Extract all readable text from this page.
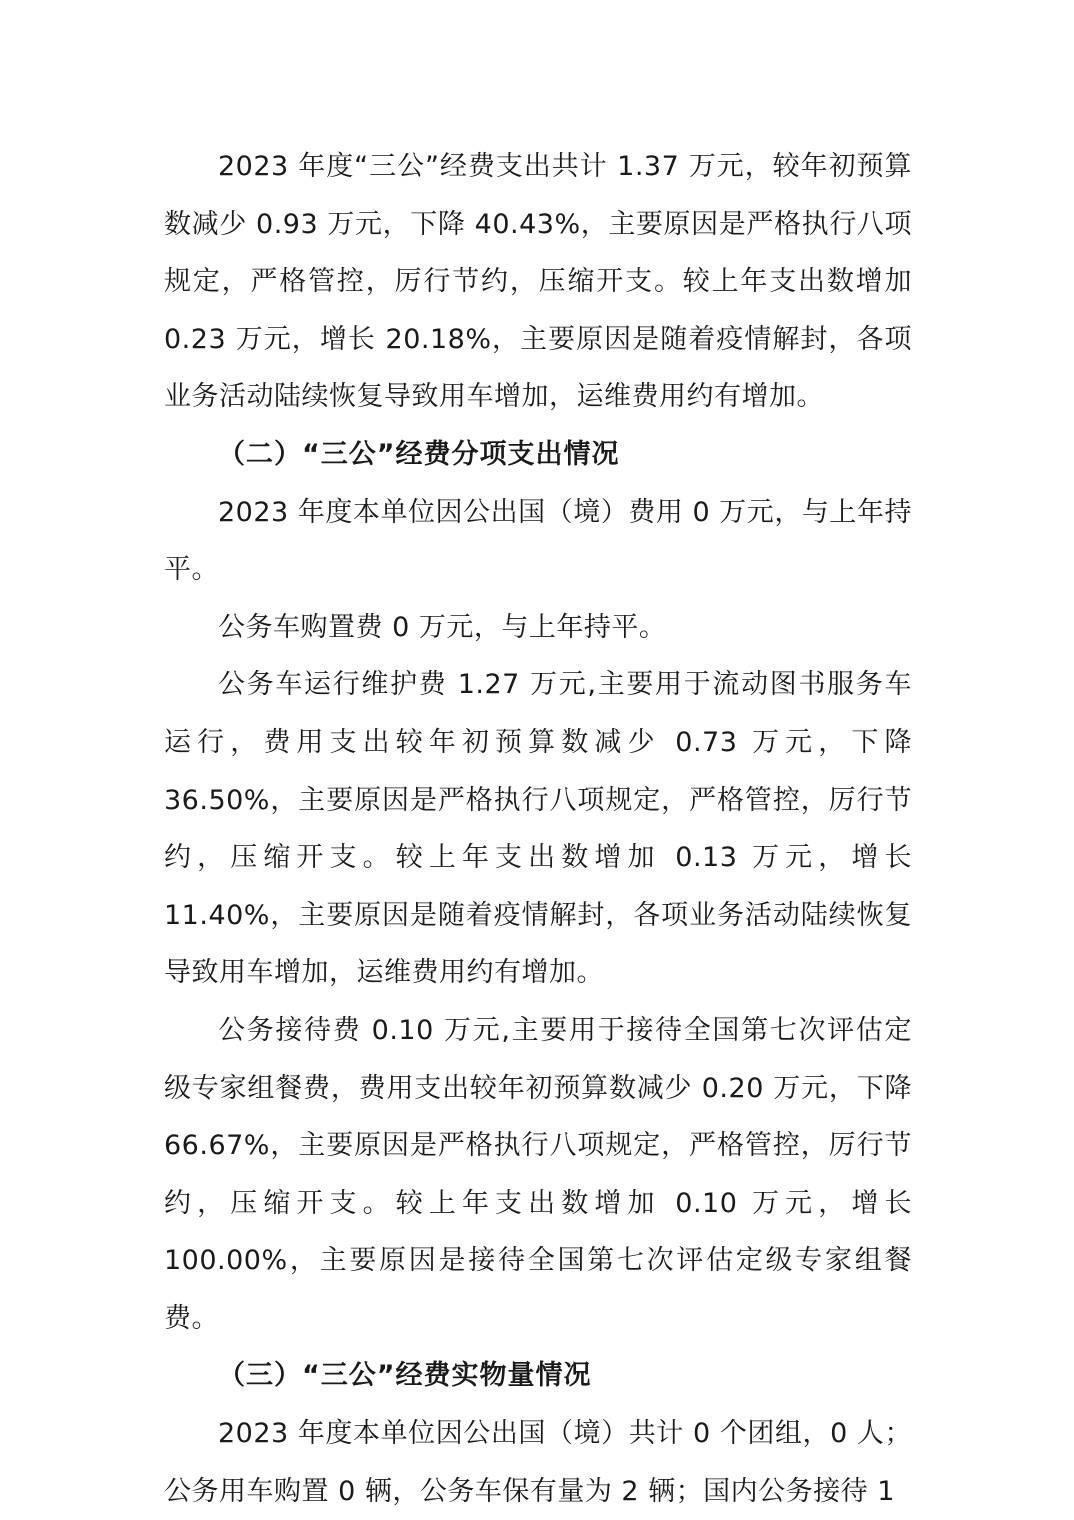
2023 年度“三公”经费支出共计 1.37 万元，较年初预算数减少 0.93 万元，下降 40.43%，主要原因是严格执行八项规定，严格管控，厉行节约，压缩开支。较上年支出数增加 0.23 万元，增长 20.18%，主要原因是随着疫情解封，各项业务活动陆续恢复导致用车增加，运维费用约有增加。

（二）“三公”经费分项支出情况

2023 年度本单位因公出国（境）费用 0 万元，与上年持平。

公务车购置费 0 万元，与上年持平。

公务车运行维护费 1.27 万元,主要用于流动图书服务车运行，费用支出较年初预算数减少 0.73 万元，下降 36.50%，主要原因是严格执行八项规定，严格管控，厉行节约，压缩开支。较上年支出数增加 0.13 万元，增长 11.40%，主要原因是随着疫情解封，各项业务活动陆续恢复导致用车增加，运维费用约有增加。

公务接待费 0.10 万元,主要用于接待全国第七次评估定级专家组餐费，费用支出较年初预算数减少 0.20 万元，下降 66.67%，主要原因是严格执行八项规定，严格管控，厉行节约，压缩开支。较上年支出数增加 0.10 万元，增长 100.00%，主要原因是接待全国第七次评估定级专家组餐费。

（三）“三公”经费实物量情况

2023 年度本单位因公出国（境）共计 0 个团组，0 人；公务用车购置 0 辆，公务车保有量为 2 辆；国内公务接待 1
